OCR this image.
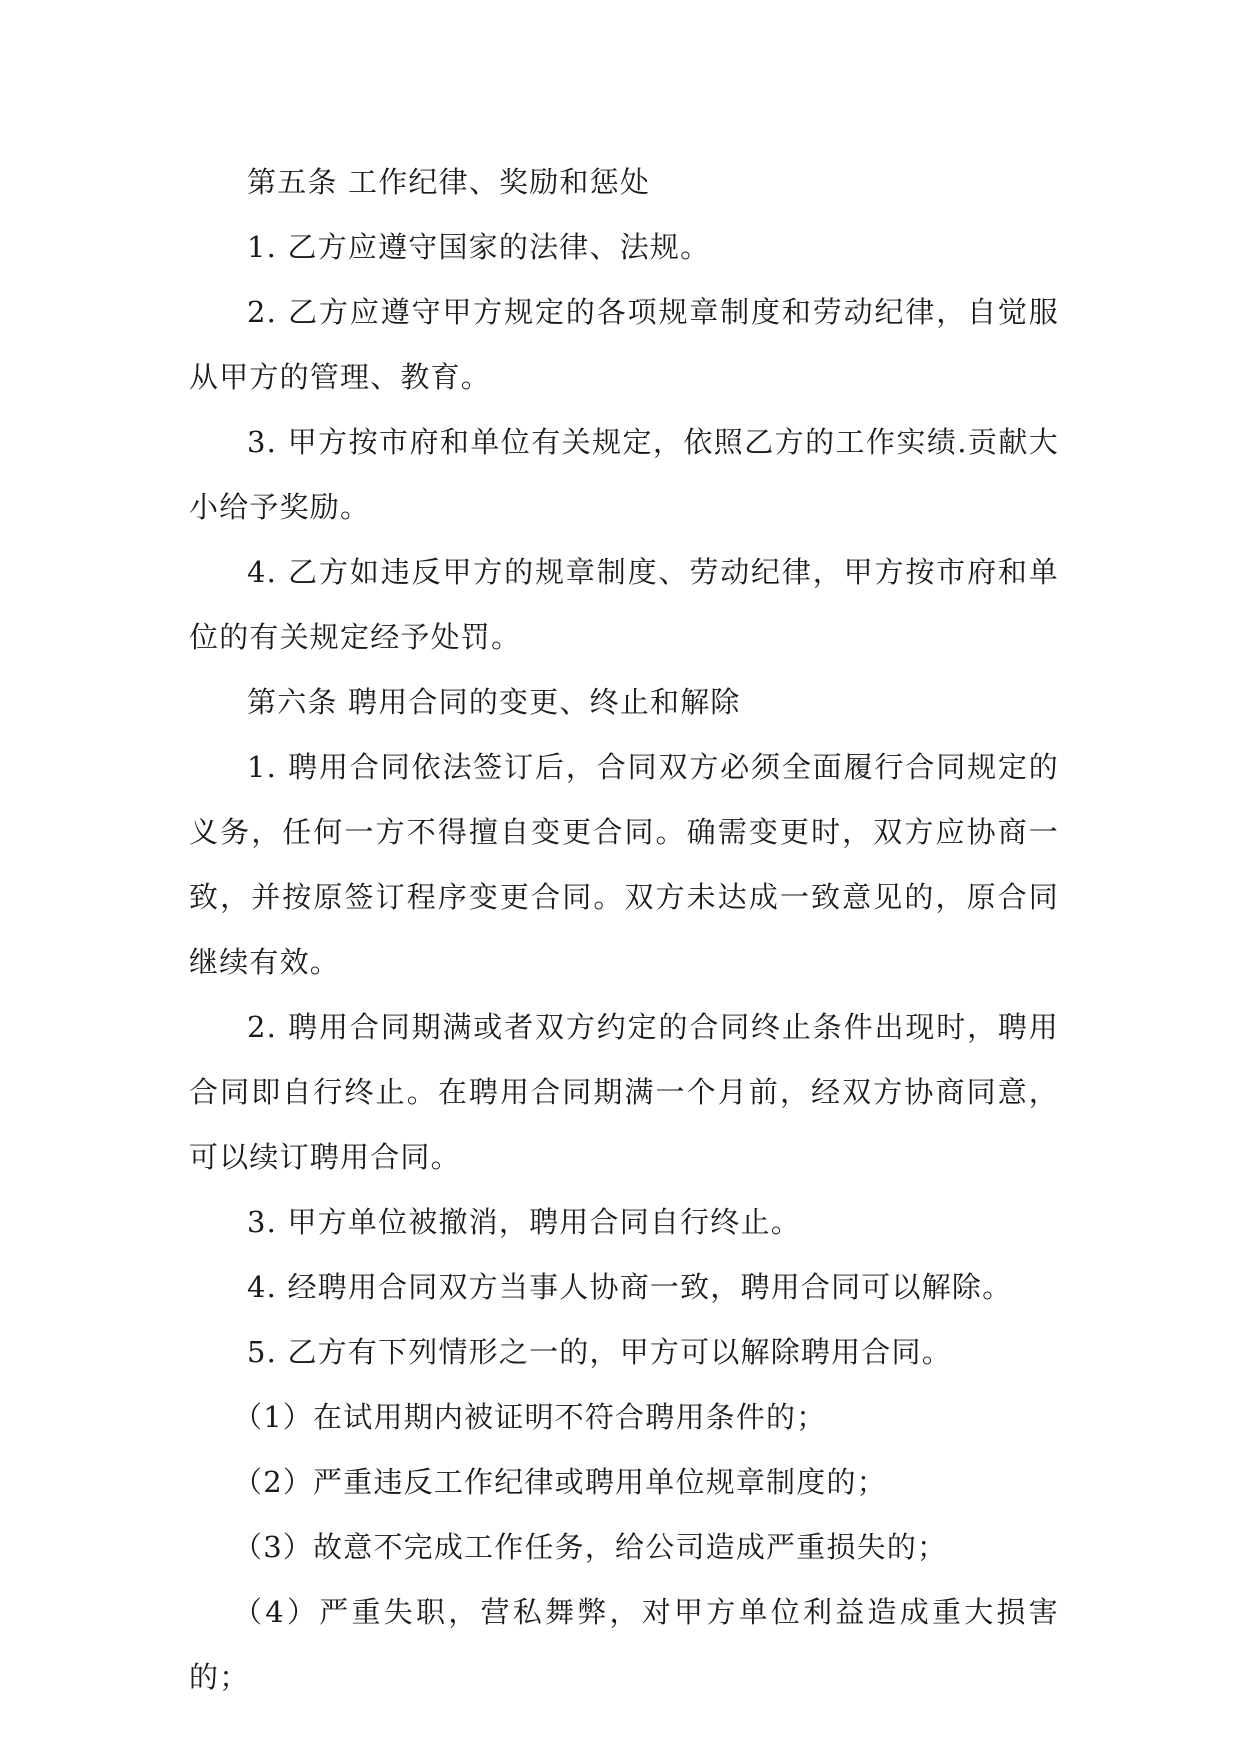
第五条 工作纪律、奖励和惩处

1. 乙方应遵守国家的法律、法规。

2. 乙方应遵守甲方规定的各项规章制度和劳动纪律，自觉服从甲方的管理、教育。

3. 甲方按市府和单位有关规定，依照乙方的工作实绩.贡献大小给予奖励。

4. 乙方如违反甲方的规章制度、劳动纪律，甲方按市府和单位的有关规定经予处罚。

第六条 聘用合同的变更、终止和解除

1. 聘用合同依法签订后，合同双方必须全面履行合同规定的义务，任何一方不得擅自变更合同。确需变更时，双方应协商一致，并按原签订程序变更合同。双方未达成一致意见的，原合同继续有效。

2. 聘用合同期满或者双方约定的合同终止条件出现时，聘用合同即自行终止。在聘用合同期满一个月前，经双方协商同意，可以续订聘用合同。

3. 甲方单位被撤消，聘用合同自行终止。

4. 经聘用合同双方当事人协商一致，聘用合同可以解除。

5. 乙方有下列情形之一的，甲方可以解除聘用合同。

（1）在试用期内被证明不符合聘用条件的；

（2）严重违反工作纪律或聘用单位规章制度的；

（3）故意不完成工作任务，给公司造成严重损失的；

（4）严重失职，营私舞弊，对甲方单位利益造成重大损害的；
